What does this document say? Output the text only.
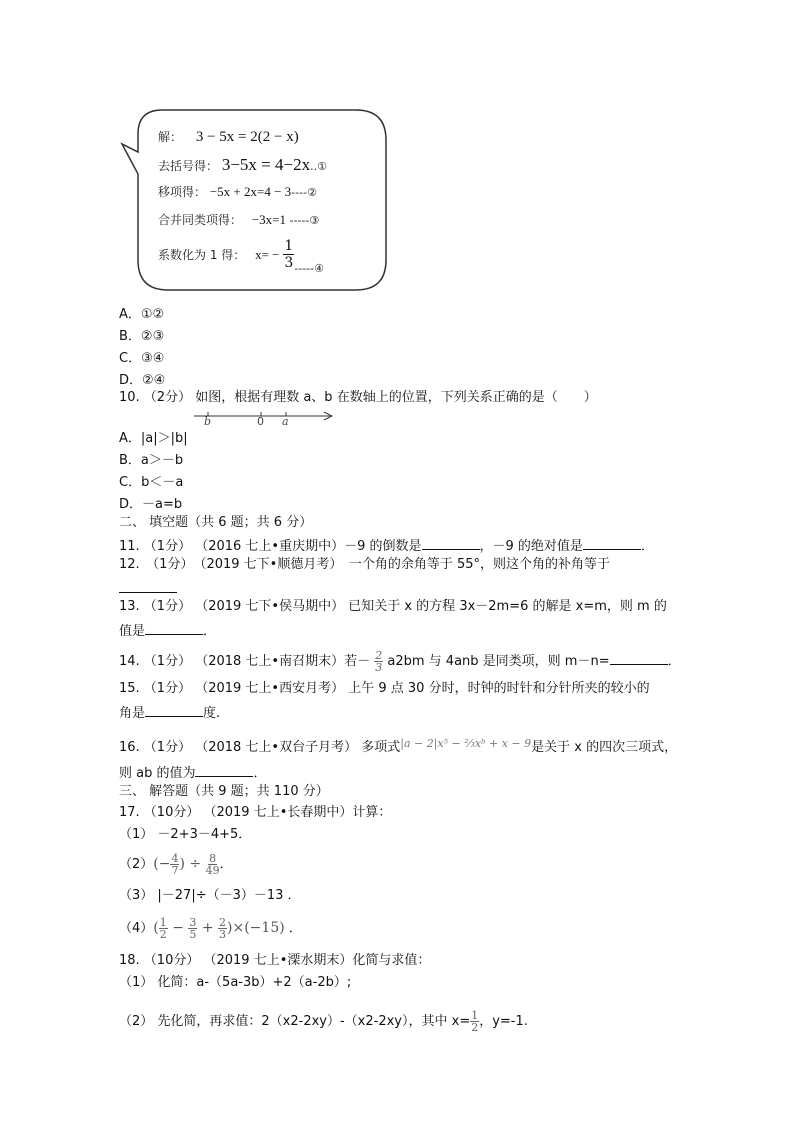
解： 3 − 5x = 2(2 − x)
去括号得： 3−5x = 4−2x..①
移项得： −5x + 2x=4 − 3----②
合并同类项得： −3x=1 -----③
系数化为 1 得： $x= - \frac{1}{3}$ -----④
A．①②
B．②③
C．③④
D．②④
10. （2分） 如图，根据有理数 a、b 在数轴上的位置，下列关系正确的是（　　）
b	0 a
A．|a|＞|b|
B．a＞－b
C．b＜－a
D．－a=b
二、 填空题（共 6 题；共 6 分）
11. （1分） （2016 七上•重庆期中）－9 的倒数是	，－9 的绝对值是	．
12.　（1分）　（2019 七下•顺德月考）　一个角的余角等于 55°，则这个角的补角等于
13. （1分） （2019 七下•侯马期中） 已知关于 x 的方程 3x－2m=6 的解是 x=m，则 m 的
值是	．
14. （1分） （2018 七上•南召期末）若－ $\frac{2}{3} a2bm$ 与 4anb 是同类项，则 m－n=	．
15. （1分） （2019 七上•西安月考） 上午 9 点 30 分时，时钟的时针和分针所夹的较小的
角是	度.
16. （1分） （2018 七上•双台子月考） 多项式$^{|a - 2|x^5 - \frac{2}{3}xᵇ + x - 9}$是关于 x 的四次三项式，
则 ab 的值为	．
三、 解答题（共 9 题；共 110 分）
17. （10分） （2019 七上•长春期中）计算：
（1） －2+3－4+5．
$(2)(- \frac{4}{7}$ ) ÷ $\frac{8}{49}$ ．
（3） |－27|÷（－3）－13 ．
$(4)( \frac{1}{2} - \frac{3}{5} + \frac{2}{3} )\times(-15)$ ．
18. （10分） （2019 七上•溧水期末）化简与求值：
（1） 化简：a-（5a-3b）+2（a-2b）;
（2） 先化简，再求值：2（x2-2xy）-（x2-2xy），其中 $x= \frac{1}{2}$ ，y=-1.
